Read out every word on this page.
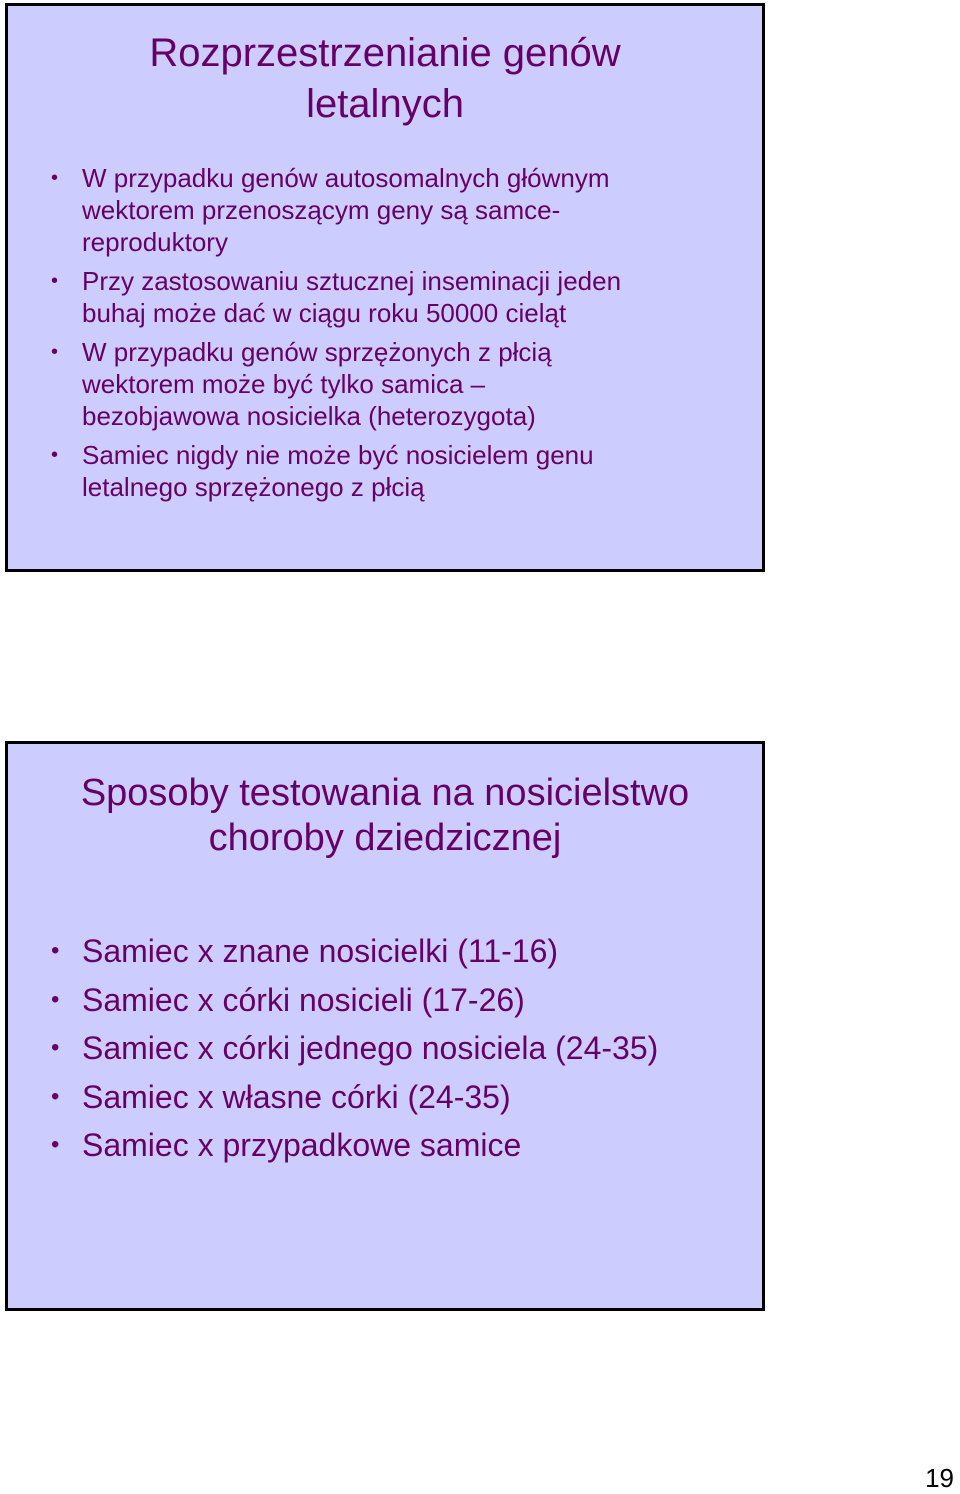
Rozprzestrzenianie genów
letalnych
• W przypadku genów autosomalnych głównym
wektorem przenoszącym geny są samce-
reproduktory
• Przy zastosowaniu sztucznej inseminacji jeden
buhaj może dać w ciągu roku 50000 cieląt
• W przypadku genów sprzężonych z płcią
wektorem może być tylko samica –
bezobjawowa nosicielka (heterozygota)
• Samiec nigdy nie może być nosicielem genu
letalnego sprzężonego z płcią
Sposoby testowania na nosicielstwo
choroby dziedzicznej
• Samiec x znane nosicielki (11-16)
• Samiec x córki nosicieli (17-26)
• Samiec x córki jednego nosiciela (24-35)
• Samiec x własne córki (24-35)
• Samiec x przypadkowe samice
19
